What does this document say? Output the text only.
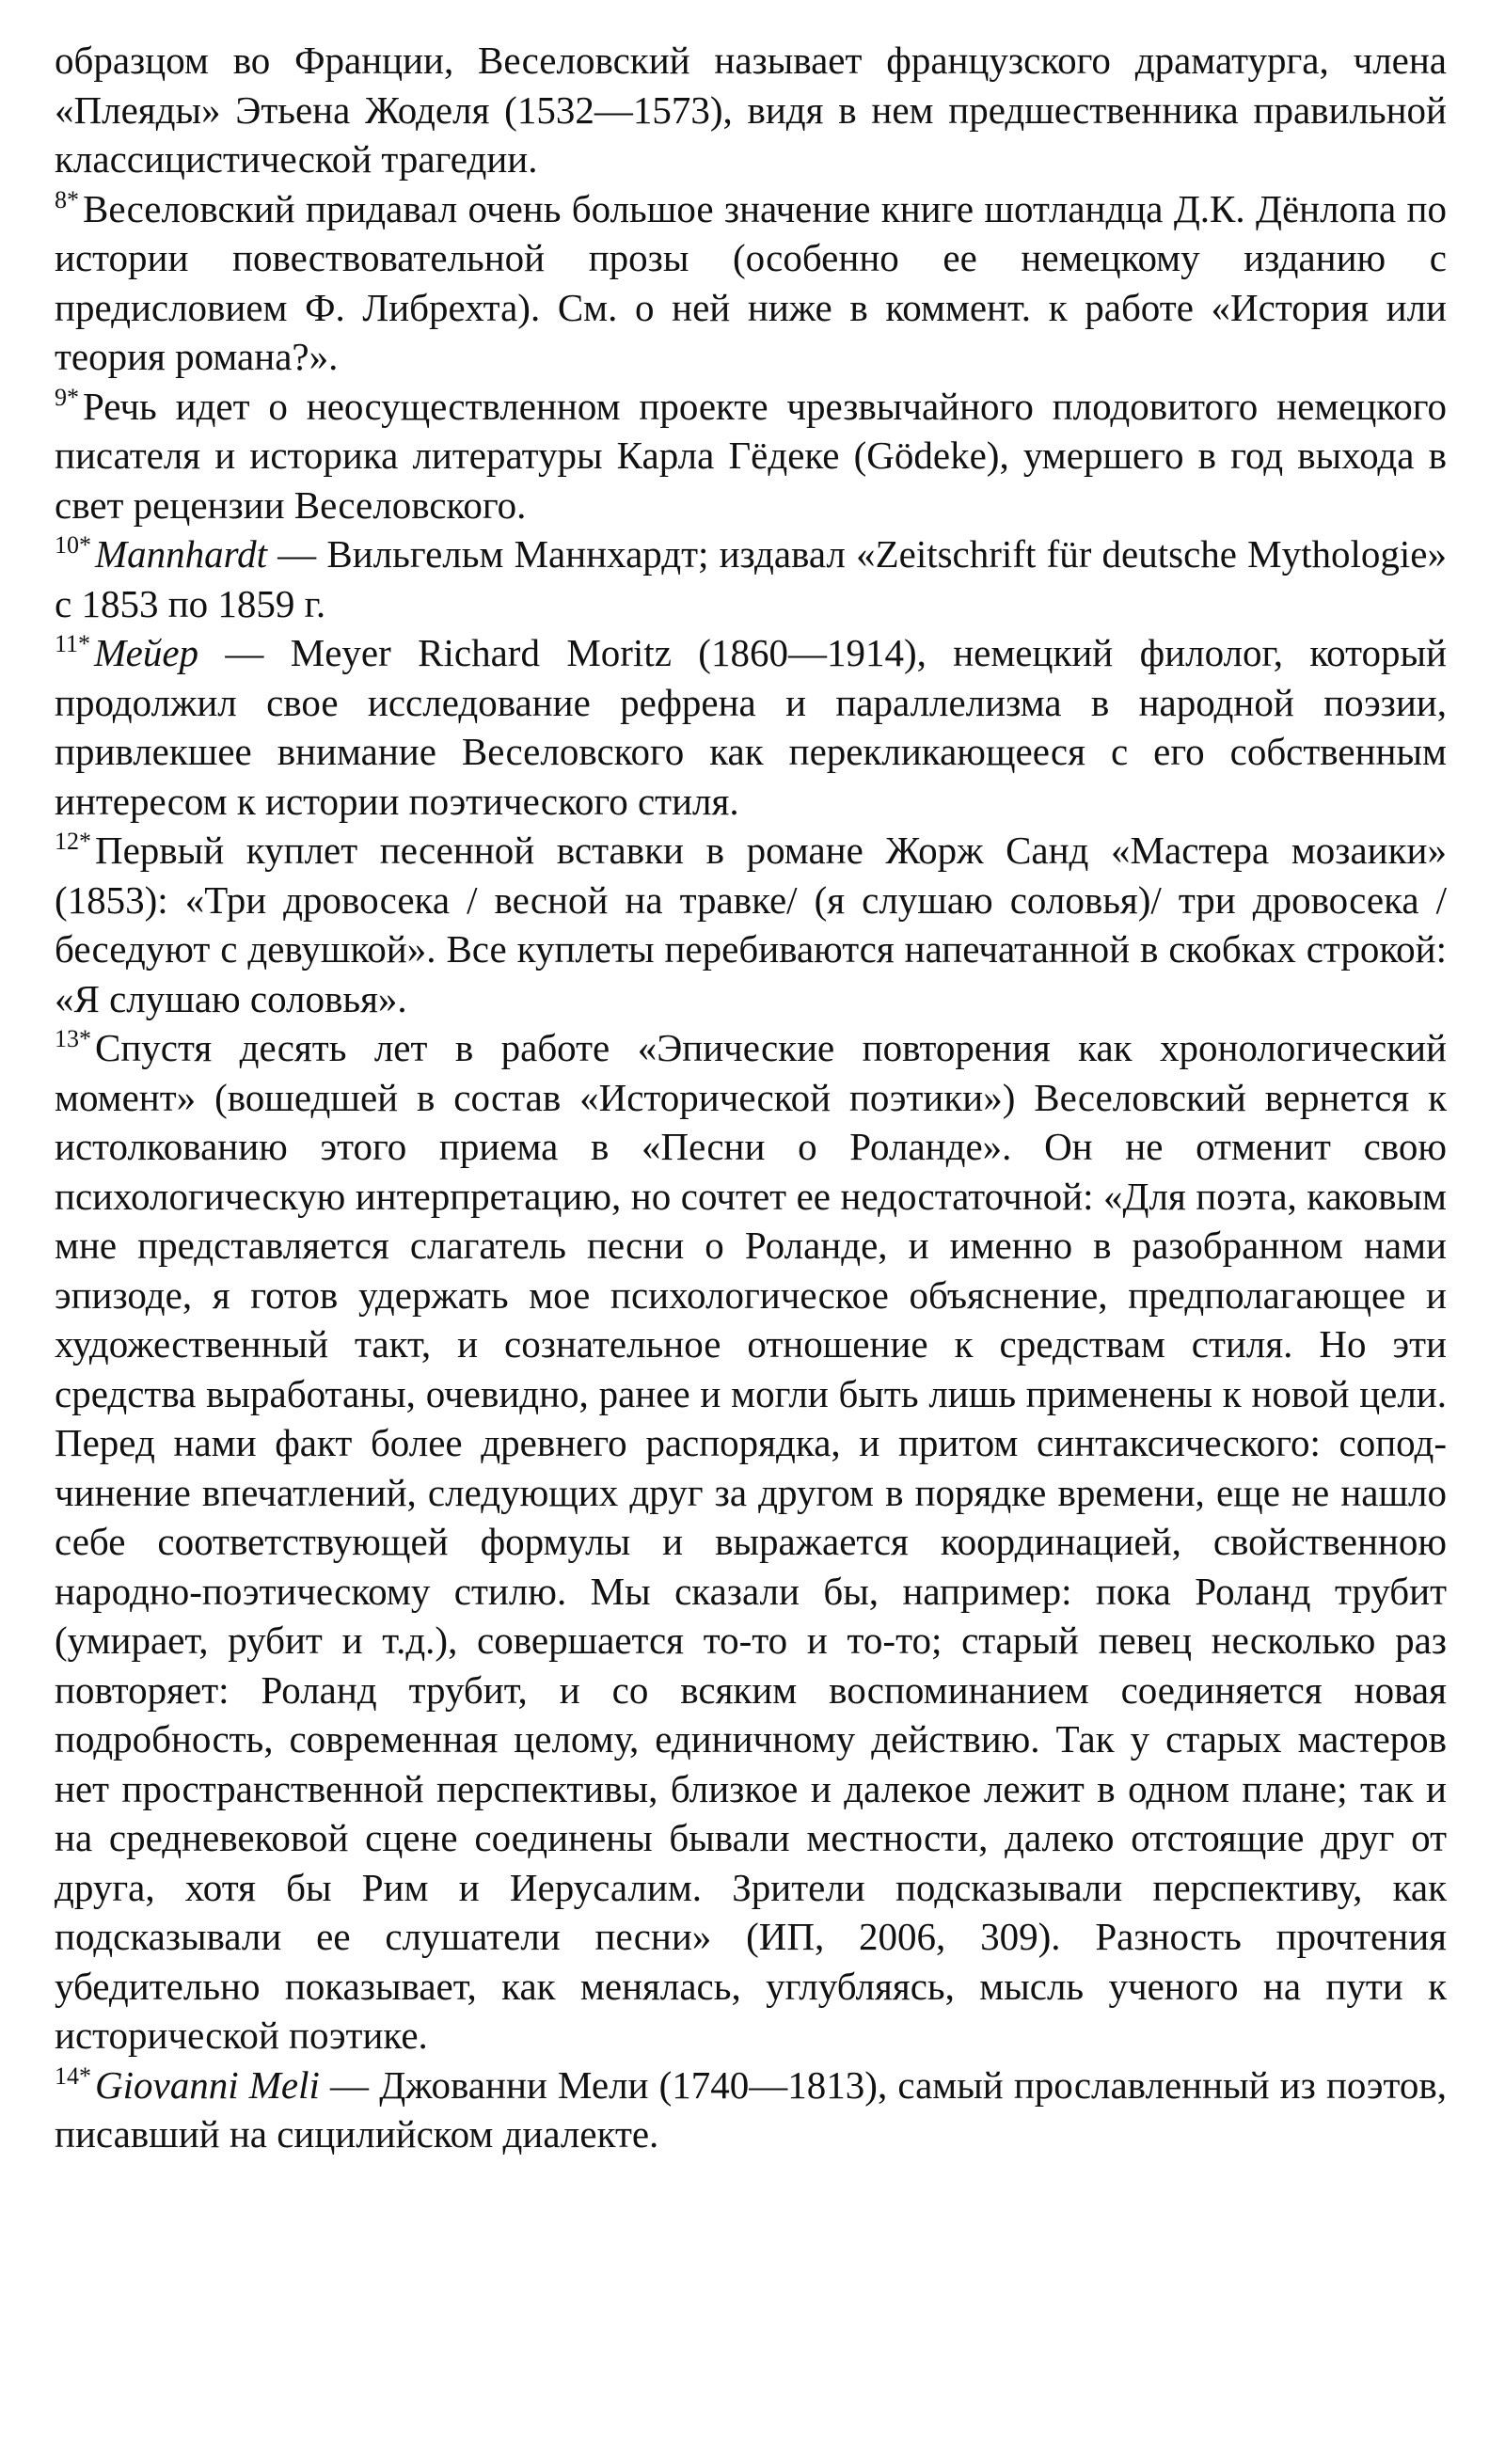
образцом во Франции, Веселовский называет французского драматурга, члена «Плеяды» Этьена Жоделя (1532—1573), видя в нем предшественника правильной классицистической трагедии.

$^{8*}$Веселовский придавал очень большое значение книге шотландца Д.К. Дёнлопа по истории повествовательной прозы (особенно ее немецкому изданию с предисловием Ф. Либрехта). См. о ней ниже в коммент. к работе «История или теория романа?».

$^{9*}$Речь идет о неосуществленном проекте чрезвычайного плодовитого немецкого писателя и историка литературы Карла Гёдеке (Gödeke), умершего в год выхода в свет рецензии Веселовского.

$^{10*}$Mannhardt — Вильгельм Маннхардт; издавал «Zeitschrift für deutsche Mythologie» с 1853 по 1859 г.

$^{11*}$Мейер — Meyer Richard Moritz (1860—1914), немецкий филолог, который продолжил свое исследование рефрена и параллелизма в народной поэзии, привлекшее внимание Веселовского как перекликающееся с его собственным интересом к истории поэтического стиля.

$^{12*}$Первый куплет песенной вставки в романе Жорж Санд «Мастера мозаики» (1853): «Три дровосека / весной на травке/ (я слушаю соловья)/ три дровосека / беседуют с девушкой». Все куплеты перебиваются напечатанной в скобках строкой: «Я слушаю соловья».

$^{13*}$Спустя десять лет в работе «Эпические повторения как хронологический момент» (вошедшей в состав «Исторической поэтики») Веселовский вернется к истолкованию этого приема в «Песни о Роланде». Он не отменит свою психологическую интерпретацию, но сочтет ее недостаточной: «Для поэта, каковым мне представляется слагатель песни о Роланде, и именно в разобранном нами эпизоде, я готов удержать мое психологическое объяснение, предполагающее и художественный такт, и сознательное отношение к средствам стиля. Но эти средства выработаны, очевидно, ранее и могли быть лишь применены к новой цели. Перед нами факт более древнего распорядка, и притом синтаксического: соподчинение впечатлений, следующих друг за другом в порядке времени, еще не нашло себе соответствующей формулы и выражается координацией, свойственною народно-поэтическому стилю. Мы сказали бы, например: пока Роланд трубит (умирает, рубит и т.д.), совершается то-то и то-то; старый певец несколько раз повторяет: Роланд трубит, и со всяким воспоминанием соединяется новая подробность, современная целому, единичному действию. Так у старых мастеров нет пространственной перспективы, близкое и далекое лежит в одном плане; так и на средневековой сцене соединены бывали местности, далеко отстоящие друг от друга, хотя бы Рим и Иерусалим. Зрители подсказывали перспективу, как подсказывали ее слушатели песни» (ИП, 2006, 309). Разность прочтения убедительно показывает, как менялась, углубляясь, мысль ученого на пути к исторической поэтике.

$^{14*}$Giovanni Meli — Джованни Мели (1740—1813), самый прославленный из поэтов, писавший на сицилийском диалекте.
